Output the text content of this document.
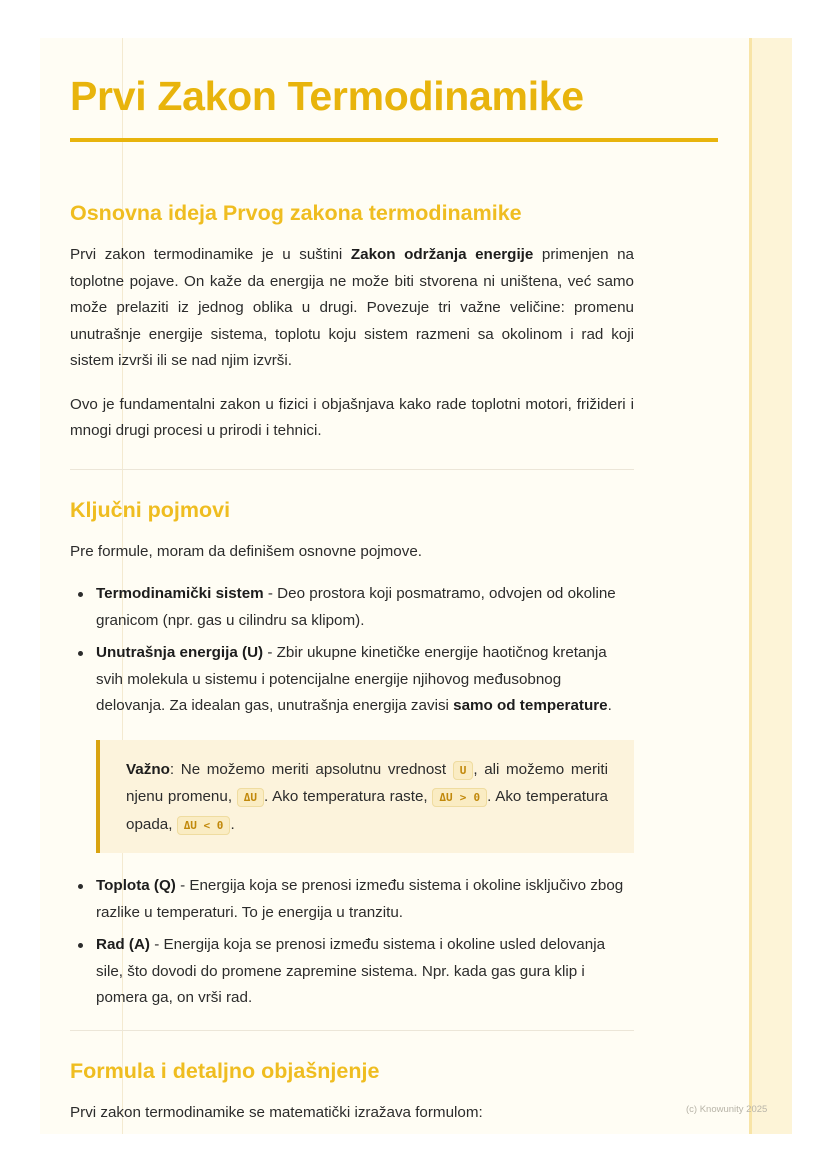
Prvi Zakon Termodinamike
Osnovna ideja Prvog zakona termodinamike

Prvi zakon termodinamike je u suštini Zakon održanja energije primenjen na toplotne pojave. On kaže da energija ne može biti stvorena ni uništena, već samo može prelaziti iz jednog oblika u drugi. Povezuje tri važne veličine: promenu unutrašnje energije sistema, toplotu koju sistem razmeni sa okolinom i rad koji sistem izvrši ili se nad njim izvrši.

Ovo je fundamentalni zakon u fizici i objašnjava kako rade toplotni motori, frižideri i mnogi drugi procesi u prirodi i tehnici.

Ključni pojmovi

Pre formule, moram da definišem osnovne pojmove.

Termodinamički sistem - Deo prostora koji posmatramo, odvojen od okoline granicom (npr. gas u cilindru sa klipom).
Unutrašnja energija (U) - Zbir ukupne kinetičke energije haotičnog kretanja svih molekula u sistemu i potencijalne energije njihovog međusobnog delovanja. Za idealan gas, unutrašnja energija zavisi samo od temperature.

Važno: Ne možemo meriti apsolutnu vrednost U , ali možemo meriti njenu promenu, ΔU . Ako temperatura raste, ΔU > 0 . Ako temperatura opada, ΔU < 0 .

Toplota (Q) - Energija koja se prenosi između sistema i okoline isključivo zbog razlike u temperaturi. To je energija u tranzitu.
Rad (A) - Energija koja se prenosi između sistema i okoline usled delovanja sile, što dovodi do promene zapremine sistema. Npr. kada gas gura klip i pomera ga, on vrši rad.
Formula i detaljno objašnjenje

Prvi zakon termodinamike se matematički izražava formulom:	(c) Knowunity 2025
